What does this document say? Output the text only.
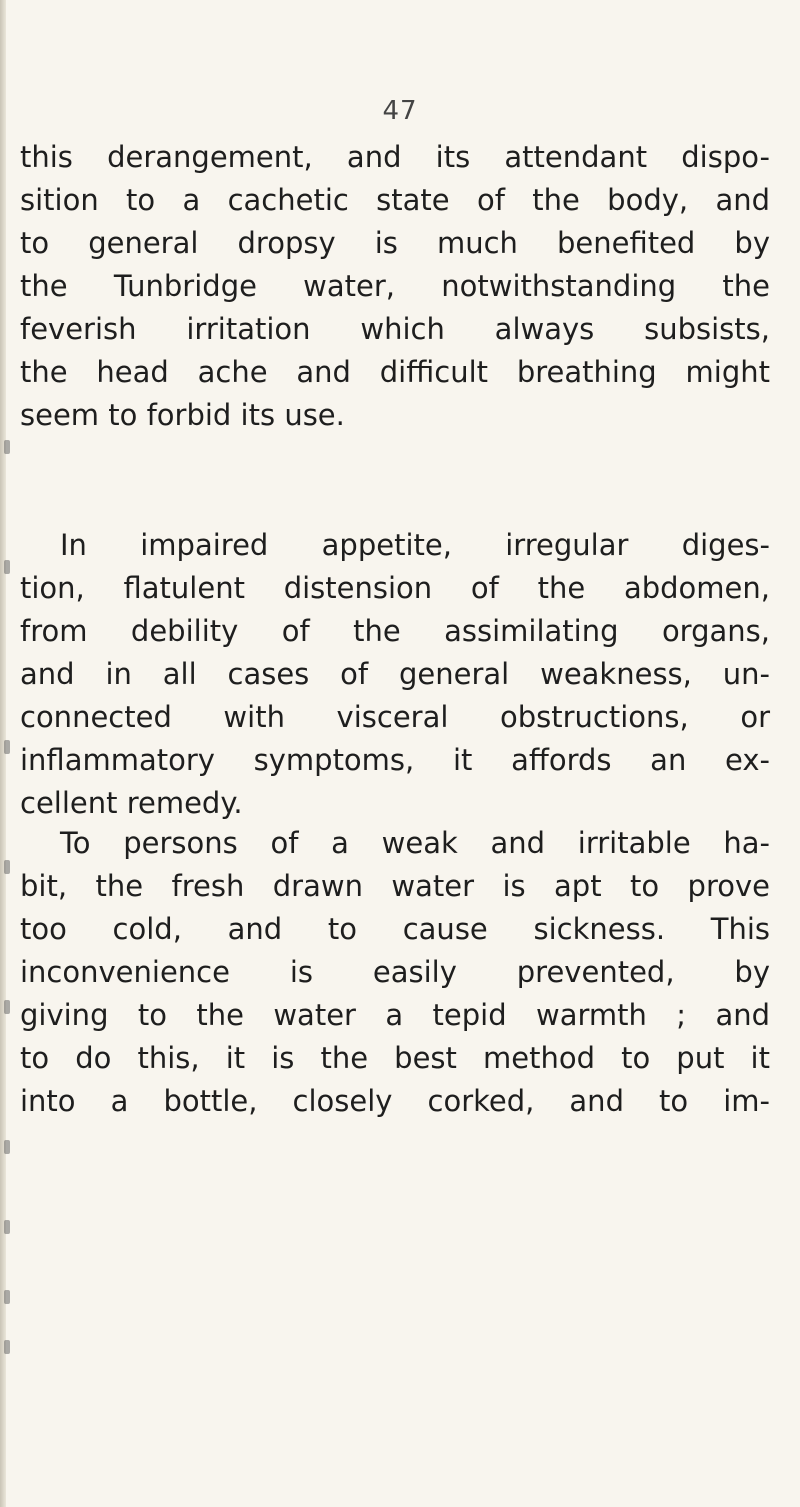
47
this derangement, and its attendant dispo-
sition to a cachetic state of the body, and
to general dropsy is much benefited by
the Tunbridge water, notwithstanding the
feverish irritation which always subsists,
the head ache and difficult breathing might
seem to forbid its use.
In impaired appetite, irregular diges-
tion, flatulent distension of the abdomen,
from debility of the assimilating organs,
and in all cases of general weakness, un-
connected with visceral obstructions, or
inflammatory symptoms, it affords an ex-
cellent remedy.
To persons of a weak and irritable ha-
bit, the fresh drawn water is apt to prove
too cold, and to cause sickness. This
inconvenience is easily prevented, by
giving to the water a tepid warmth ; and
to do this, it is the best method to put it
into a bottle, closely corked, and to im-
